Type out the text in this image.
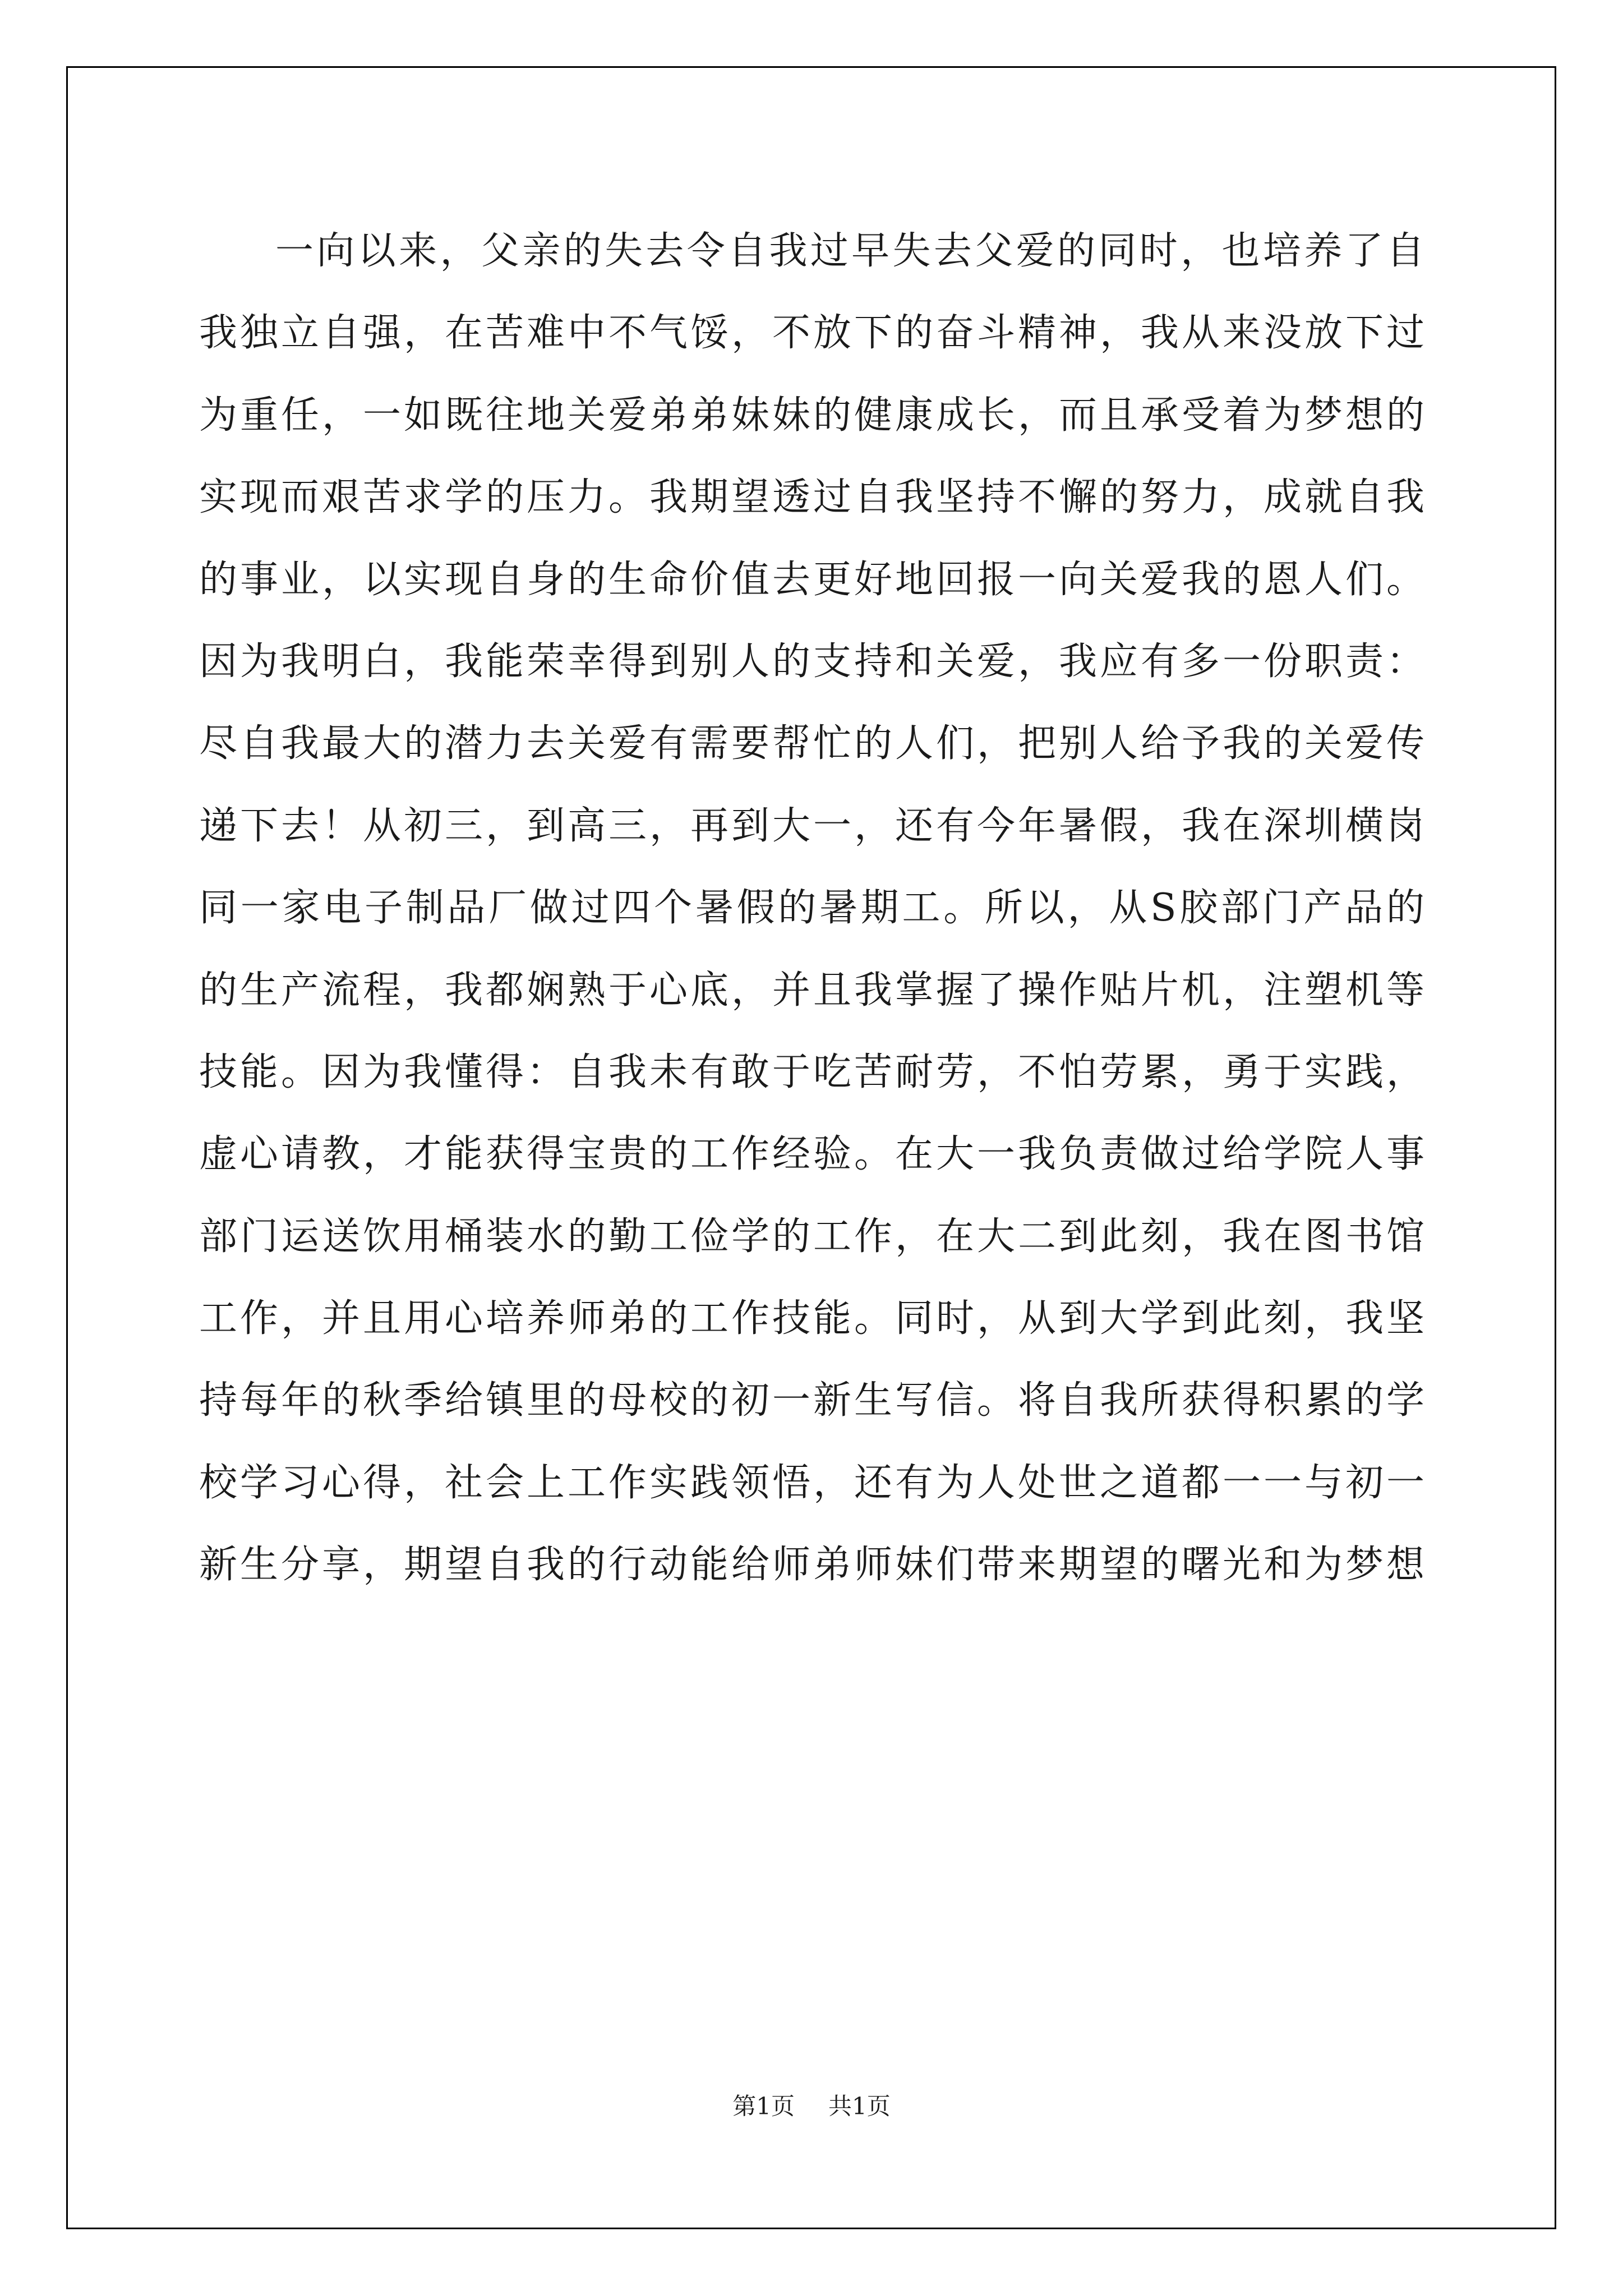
一向以来，父亲的失去令自我过早失去父爱的同时，也培养了自
我独立自强，在苦难中不气馁，不放下的奋斗精神，我从来没放下过
为重任，一如既往地关爱弟弟妹妹的健康成长，而且承受着为梦想的
实现而艰苦求学的压力。我期望透过自我坚持不懈的努力，成就自我
的事业，以实现自身的生命价值去更好地回报一向关爱我的恩人们。
因为我明白，我能荣幸得到别人的支持和关爱，我应有多一份职责：
尽自我最大的潜力去关爱有需要帮忙的人们，把别人给予我的关爱传
递下去！从初三，到高三，再到大一，还有今年暑假，我在深圳横岗
同一家电子制品厂做过四个暑假的暑期工。所以，从S胶部门产品的
的生产流程，我都娴熟于心底，并且我掌握了操作贴片机，注塑机等
技能。因为我懂得：自我未有敢于吃苦耐劳，不怕劳累，勇于实践，
虚心请教，才能获得宝贵的工作经验。在大一我负责做过给学院人事
部门运送饮用桶装水的勤工俭学的工作，在大二到此刻，我在图书馆
工作，并且用心培养师弟的工作技能。同时，从到大学到此刻，我坚
持每年的秋季给镇里的母校的初一新生写信。将自我所获得积累的学
校学习心得，社会上工作实践领悟，还有为人处世之道都一一与初一
新生分享，期望自我的行动能给师弟师妹们带来期望的曙光和为梦想
第1页 共1页
